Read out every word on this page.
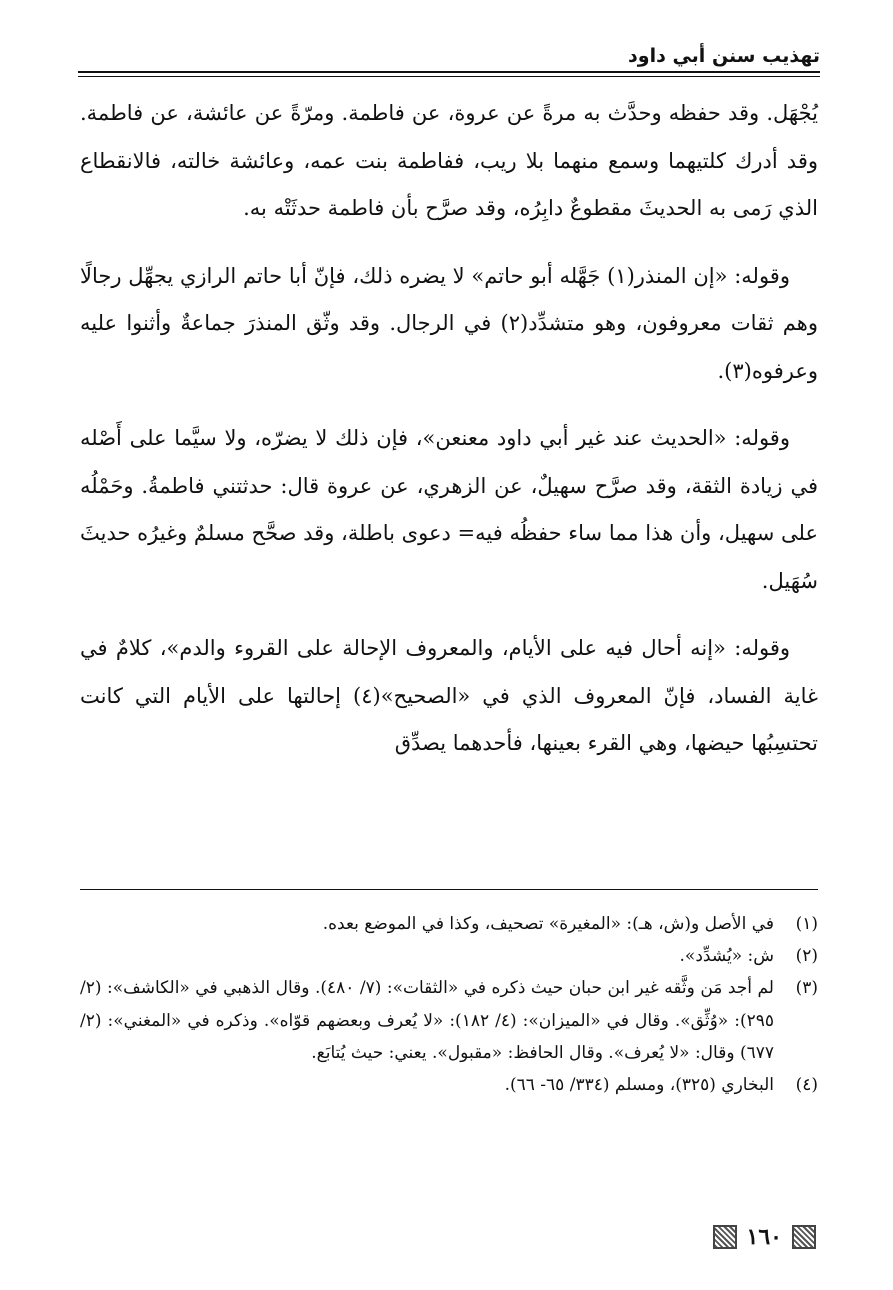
تهذيب سنن أبي داود

يُجْهَل. وقد حفظه وحدَّث به مرةً عن عروة، عن فاطمة. ومرّةً عن عائشة، عن فاطمة. وقد أدرك كلتيهما وسمع منهما بلا ريب، ففاطمة بنت عمه، وعائشة خالته، فالانقطاع الذي رَمى به الحديثَ مقطوعٌ دابِرُه، وقد صرَّح بأن فاطمة حدثَتْه به.

وقوله: «إن المنذر(١) جَهَّله أبو حاتم» لا يضره ذلك، فإنّ أبا حاتم الرازي يجهِّل رجالًا وهم ثقات معروفون، وهو متشدِّد(٢) في الرجال. وقد وثّق المنذرَ جماعةٌ وأثنوا عليه وعرفوه(٣).

وقوله: «الحديث عند غير أبي داود معنعن»، فإن ذلك لا يضرّه، ولا سيَّما على أَصْله في زيادة الثقة، وقد صرَّح سهيلٌ، عن الزهري، عن عروة قال: حدثتني فاطمةُ. وحَمْلُه على سهيل، وأن هذا مما ساء حفظُه فيه= دعوى باطلة، وقد صحَّح مسلمٌ وغيرُه حديثَ سُهَيل.

وقوله: «إنه أحال فيه على الأيام، والمعروف الإحالة على القروء والدم»، كلامٌ في غاية الفساد، فإنّ المعروف الذي في «الصحيح»(٤) إحالتها على الأيام التي كانت تحتسِبُها حيضها، وهي القرء بعينها، فأحدهما يصدِّق

(١)
في الأصل و(ش، هـ): «المغيرة» تصحيف، وكذا في الموضع بعده.
(٢)
ش: «يُشدِّد».
(٣)
لم أجد مَن وثَّقه غير ابن حبان حيث ذكره في «الثقات»: (٧/ ٤٨٠). وقال الذهبي في «الكاشف»: (٢/ ٢٩٥): «وُثِّق». وقال في «الميزان»: (٤/ ١٨٢): «لا يُعرف وبعضهم قوّاه». وذكره في «المغني»: (٢/ ٦٧٧) وقال: «لا يُعرف». وقال الحافظ: «مقبول». يعني: حيث يُتابَع.
(٤)
البخاري (٣٢٥)، ومسلم (٣٣٤/ ٦٥- ٦٦).
١٦٠
